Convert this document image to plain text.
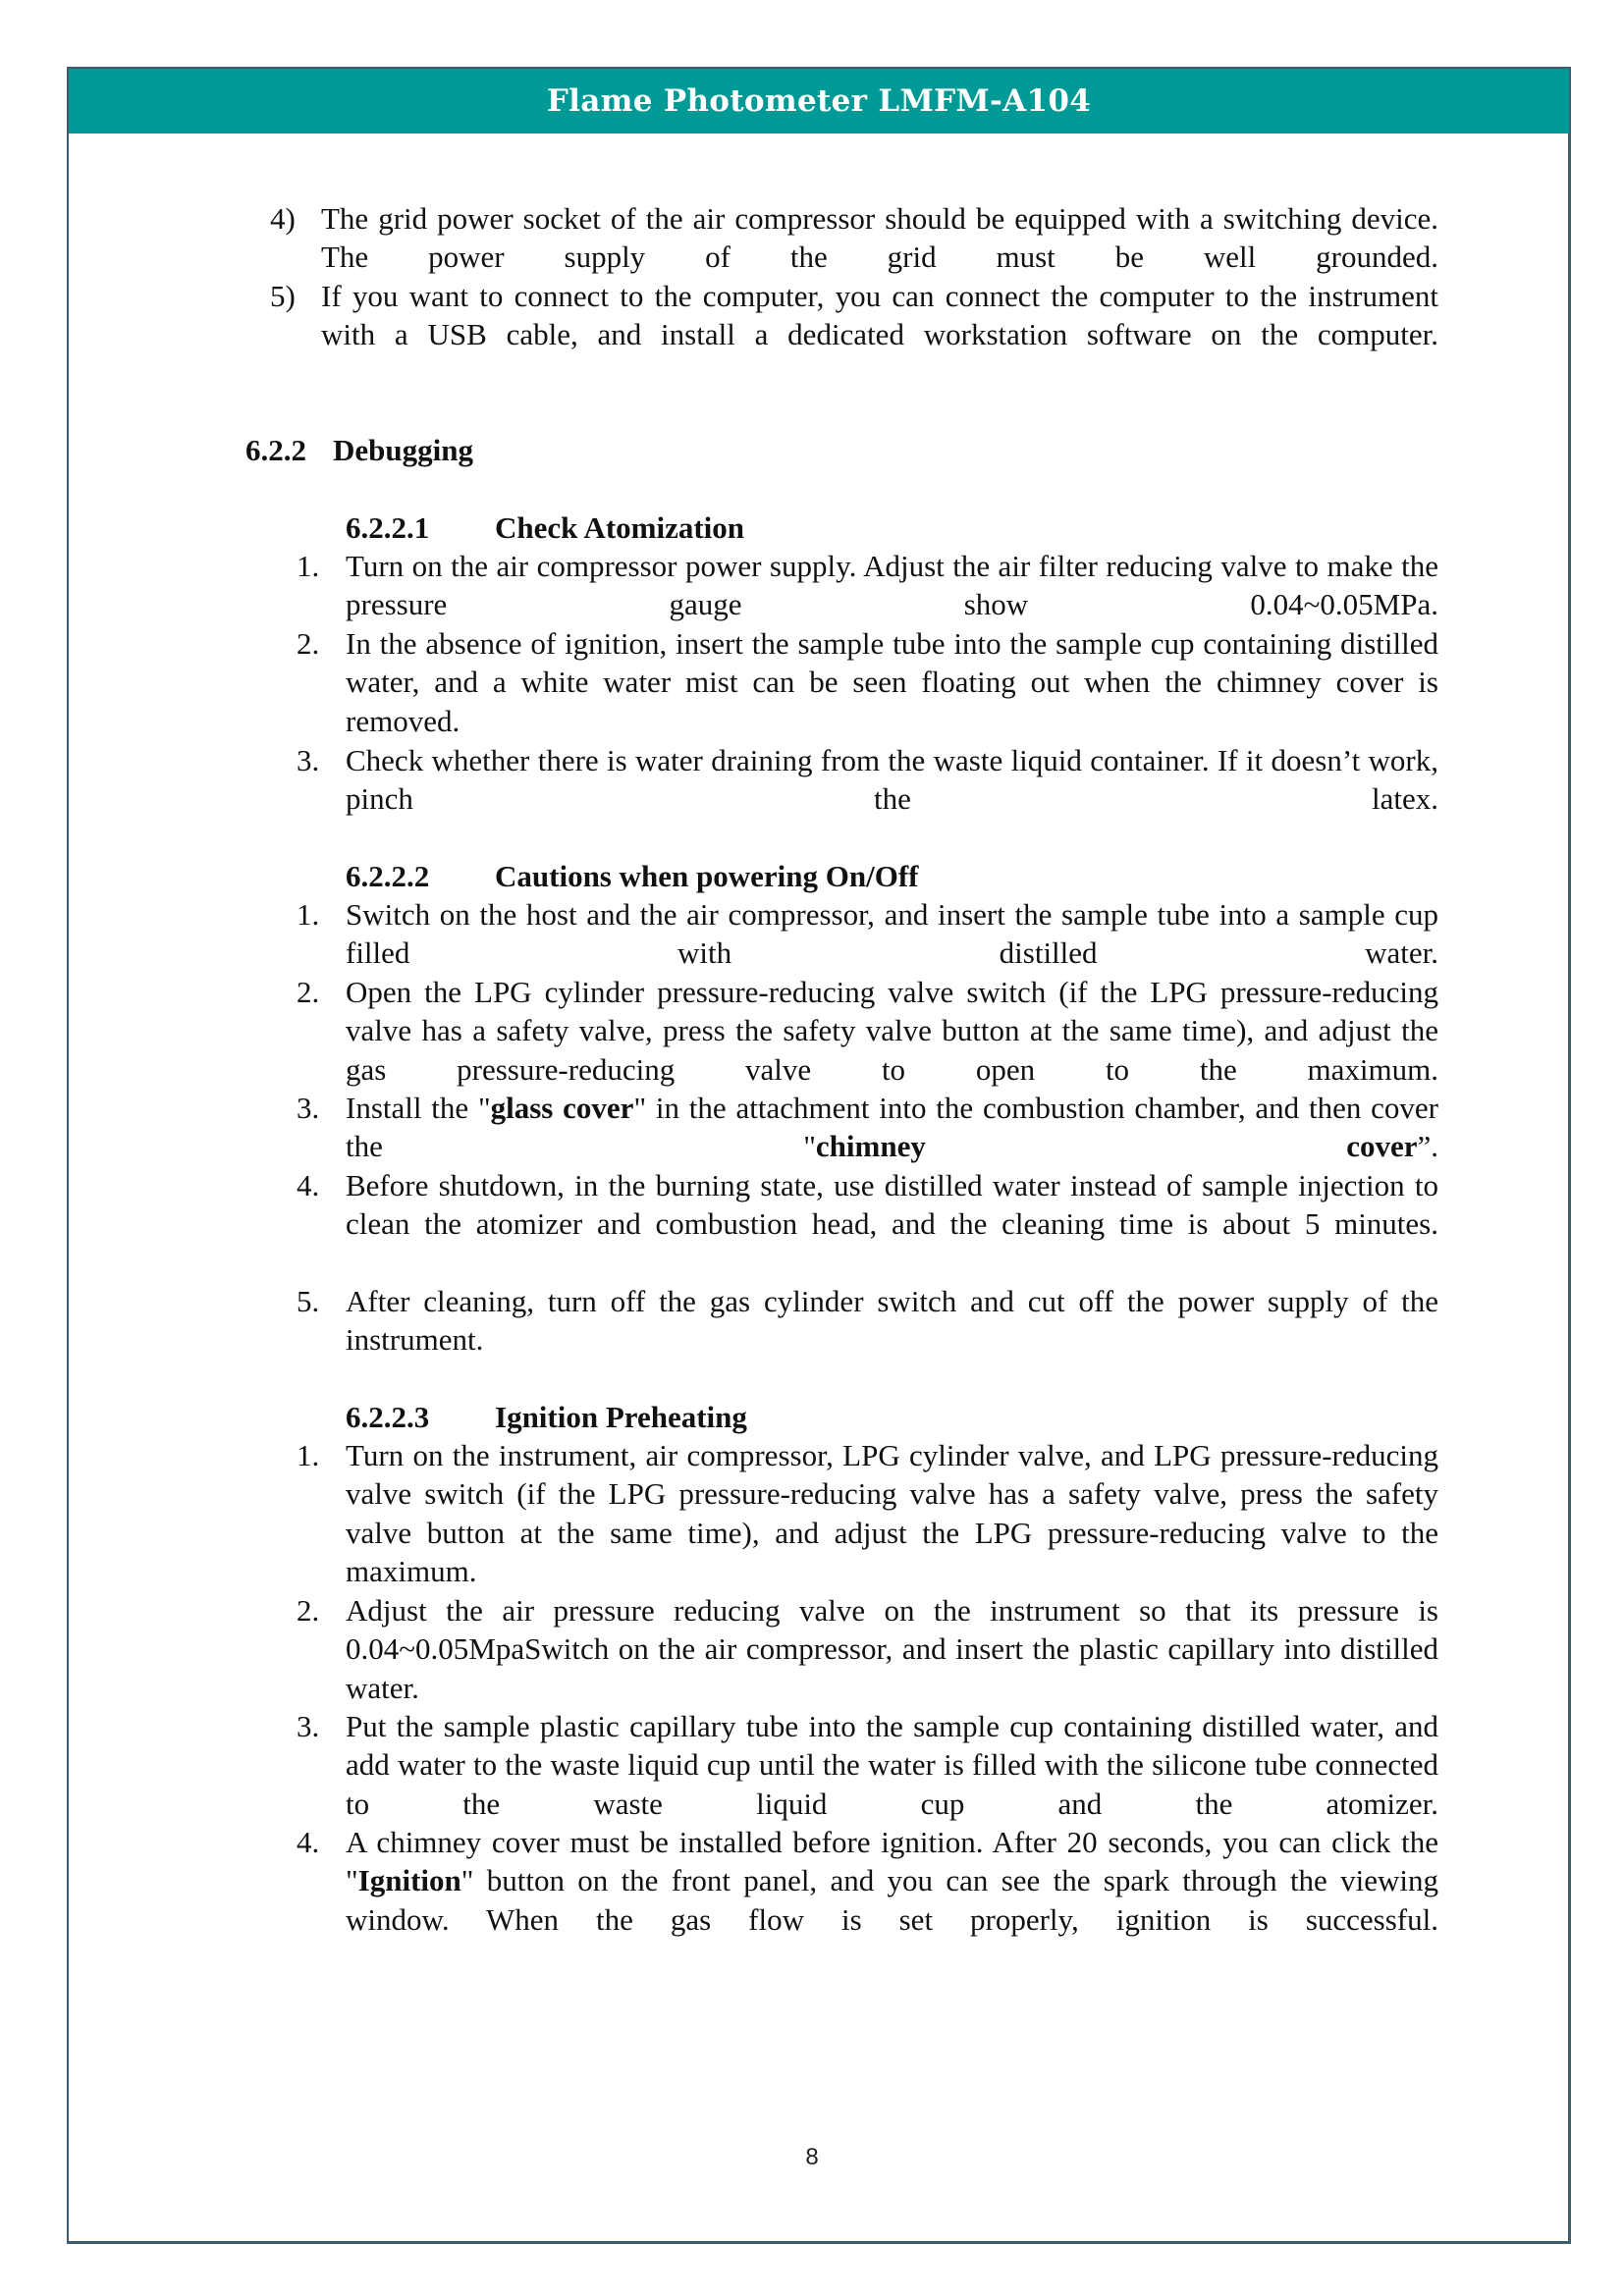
Flame Photometer LMFM-A104
4) The grid power socket of the air compressor should be equipped with a switching device. The power supply of the grid must be well grounded.
5) If you want to connect to the computer, you can connect the computer to the instrument with a USB cable, and install a dedicated workstation software on the computer.
6.2.2 Debugging
6.2.2.1 Check Atomization
1. Turn on the air compressor power supply. Adjust the air filter reducing valve to make the pressure gauge show 0.04~0.05MPa.
2. In the absence of ignition, insert the sample tube into the sample cup containing distilled water, and a white water mist can be seen floating out when the chimney cover is removed.
3. Check whether there is water draining from the waste liquid container. If it doesn’t work, pinch the latex.
6.2.2.2 Cautions when powering On/Off
1. Switch on the host and the air compressor, and insert the sample tube into a sample cup filled with distilled water.
2. Open the LPG cylinder pressure-reducing valve switch (if the LPG pressure-reducing valve has a safety valve, press the safety valve button at the same time), and adjust the gas pressure-reducing valve to open to the maximum.
3. Install the "glass cover" in the attachment into the combustion chamber, and then cover the "chimney cover”.
4. Before shutdown, in the burning state, use distilled water instead of sample injection to clean the atomizer and combustion head, and the cleaning time is about 5 minutes.
5. After cleaning, turn off the gas cylinder switch and cut off the power supply of the instrument.
6.2.2.3 Ignition Preheating
1. Turn on the instrument, air compressor, LPG cylinder valve, and LPG pressure-reducing valve switch (if the LPG pressure-reducing valve has a safety valve, press the safety valve button at the same time), and adjust the LPG pressure-reducing valve to the maximum.
2. Adjust the air pressure reducing valve on the instrument so that its pressure is 0.04~0.05MpaSwitch on the air compressor, and insert the plastic capillary into distilled water.
3. Put the sample plastic capillary tube into the sample cup containing distilled water, and add water to the waste liquid cup until the water is filled with the silicone tube connected to the waste liquid cup and the atomizer.
4. A chimney cover must be installed before ignition. After 20 seconds, you can click the "Ignition" button on the front panel, and you can see the spark through the viewing window. When the gas flow is set properly, ignition is successful.
8
